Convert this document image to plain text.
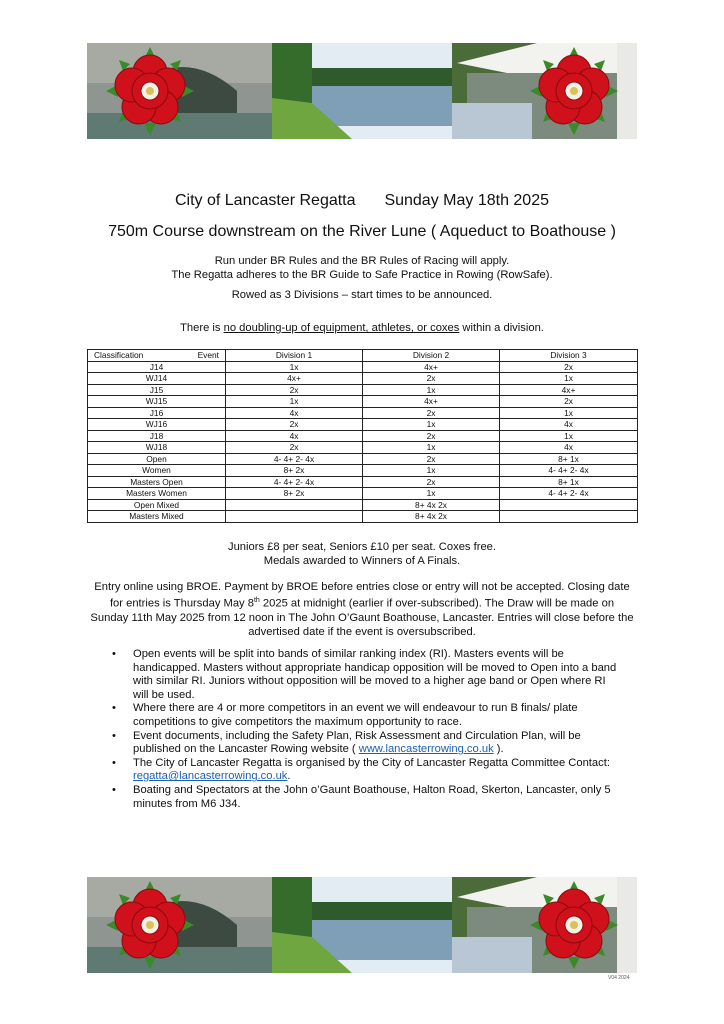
City of Lancaster Regatta Sunday May 18th 2025
750m Course downstream on the River Lune ( Aqueduct to Boathouse )
Run under BR Rules and the BR Rules of Racing will apply.
The Regatta adheres to the BR Guide to Safe Practice in Rowing (RowSafe).
Rowed as 3 Divisions – start times to be announced.
There is no doubling-up of equipment, athletes, or coxes within a division.
Classification Event	Division 1	Division 2	Division 3
J14	1x	4x+	2x
WJ14	4x+	2x	1x
J15	2x	1x	4x+
WJ15	1x	4x+	2x
J16	4x	2x	1x
WJ16	2x	1x	4x
J18	4x	2x	1x
WJ18	2x	1x	4x
Open	4- 4+ 2- 4x	2x	8+ 1x
Women	8+ 2x	1x	4- 4+ 2- 4x
Masters Open	4- 4+ 2- 4x	2x	8+ 1x
Masters Women	8+ 2x	1x	4- 4+ 2- 4x
Open Mixed		8+ 4x 2x	
Masters Mixed		8+ 4x 2x	
Juniors £8 per seat, Seniors £10 per seat. Coxes free.
Medals awarded to Winners of A Finals.
Entry online using BROE. Payment by BROE before entries close or entry will not be accepted. Closing date for entries is Thursday May 8th 2025 at midnight (earlier if over-subscribed). The Draw will be made on Sunday 11th May 2025 from 12 noon in The John O’Gaunt Boathouse, Lancaster. Entries will close before the advertised date if the event is oversubscribed.
• Open events will be split into bands of similar ranking index (RI). Masters events will be handicapped. Masters without appropriate handicap opposition will be moved to Open into a band with similar RI. Juniors without opposition will be moved to a higher age band or Open where RI will be used.
• Where there are 4 or more competitors in an event we will endeavour to run B finals/ plate competitions to give competitors the maximum opportunity to race.
• Event documents, including the Safety Plan, Risk Assessment and Circulation Plan, will be published on the Lancaster Rowing website ( www.lancasterrowing.co.uk ).
• The City of Lancaster Regatta is organised by the City of Lancaster Regatta Committee Contact: regatta@lancasterrowing.co.uk.
• Boating and Spectators at the John o’Gaunt Boathouse, Halton Road, Skerton, Lancaster, only 5 minutes from M6 J34.
V04 2024
